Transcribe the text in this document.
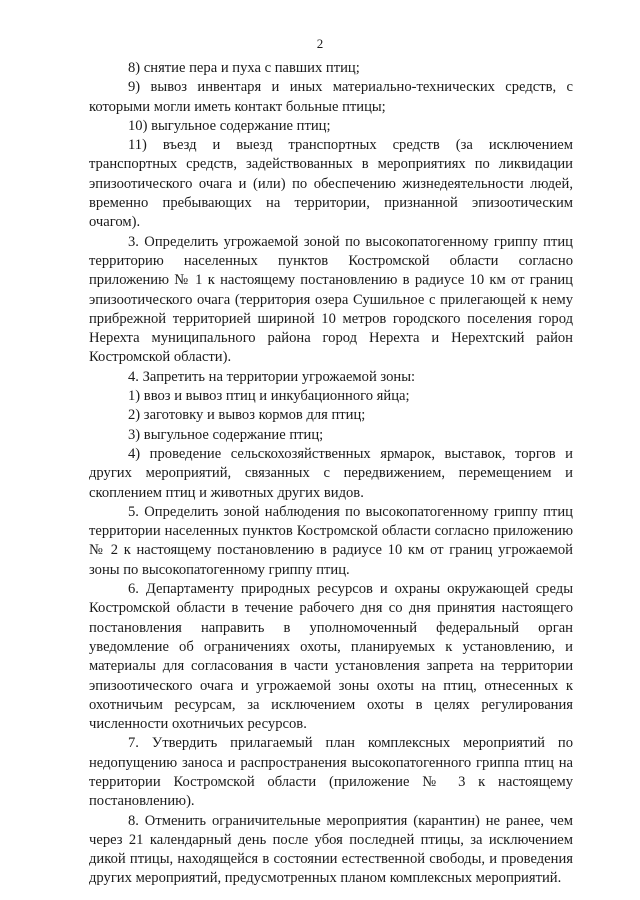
2

8) снятие пера и пуха с павших птиц;

9) вывоз инвентаря и иных материально-технических средств, с которыми могли иметь контакт больные птицы;

10) выгульное содержание птиц;

11) въезд и выезд транспортных средств (за исключением транспортных средств, задействованных в мероприятиях по ликвидации эпизоотического очага и (или) по обеспечению жизнедеятельности людей, временно пребывающих на территории, признанной эпизоотическим очагом).

3. Определить угрожаемой зоной по высокопатогенному гриппу птиц территорию населенных пунктов Костромской области согласно приложению № 1 к настоящему постановлению в радиусе 10 км от границ эпизоотического очага (территория озера Сушильное с прилегающей к нему прибрежной территорией шириной 10 метров городского поселения город Нерехта муниципального района город Нерехта и Нерехтский район Костромской области).

4. Запретить на территории угрожаемой зоны:

1) ввоз и вывоз птиц и инкубационного яйца;

2) заготовку и вывоз кормов для птиц;

3) выгульное содержание птиц;

4) проведение сельскохозяйственных ярмарок, выставок, торгов и других мероприятий, связанных с передвижением, перемещением и скоплением птиц и животных других видов.

5. Определить зоной наблюдения по высокопатогенному гриппу птиц территории населенных пунктов Костромской области согласно приложению № 2 к настоящему постановлению в радиусе 10 км от границ угрожаемой зоны по высокопатогенному гриппу птиц.

6. Департаменту природных ресурсов и охраны окружающей среды Костромской области в течение рабочего дня со дня принятия настоящего постановления направить в уполномоченный федеральный орган уведомление об ограничениях охоты, планируемых к установлению, и материалы для согласования в части установления запрета на территории эпизоотического очага и угрожаемой зоны охоты на птиц, отнесенных к охотничьим ресурсам, за исключением охоты в целях регулирования численности охотничьих ресурсов.

7. Утвердить прилагаемый план комплексных мероприятий по недопущению заноса и распространения высокопатогенного гриппа птиц на территории Костромской области (приложение № 3 к настоящему постановлению).

8. Отменить ограничительные мероприятия (карантин) не ранее, чем через 21 календарный день после убоя последней птицы, за исключением дикой птицы, находящейся в состоянии естественной свободы, и проведения других мероприятий, предусмотренных планом комплексных мероприятий.
